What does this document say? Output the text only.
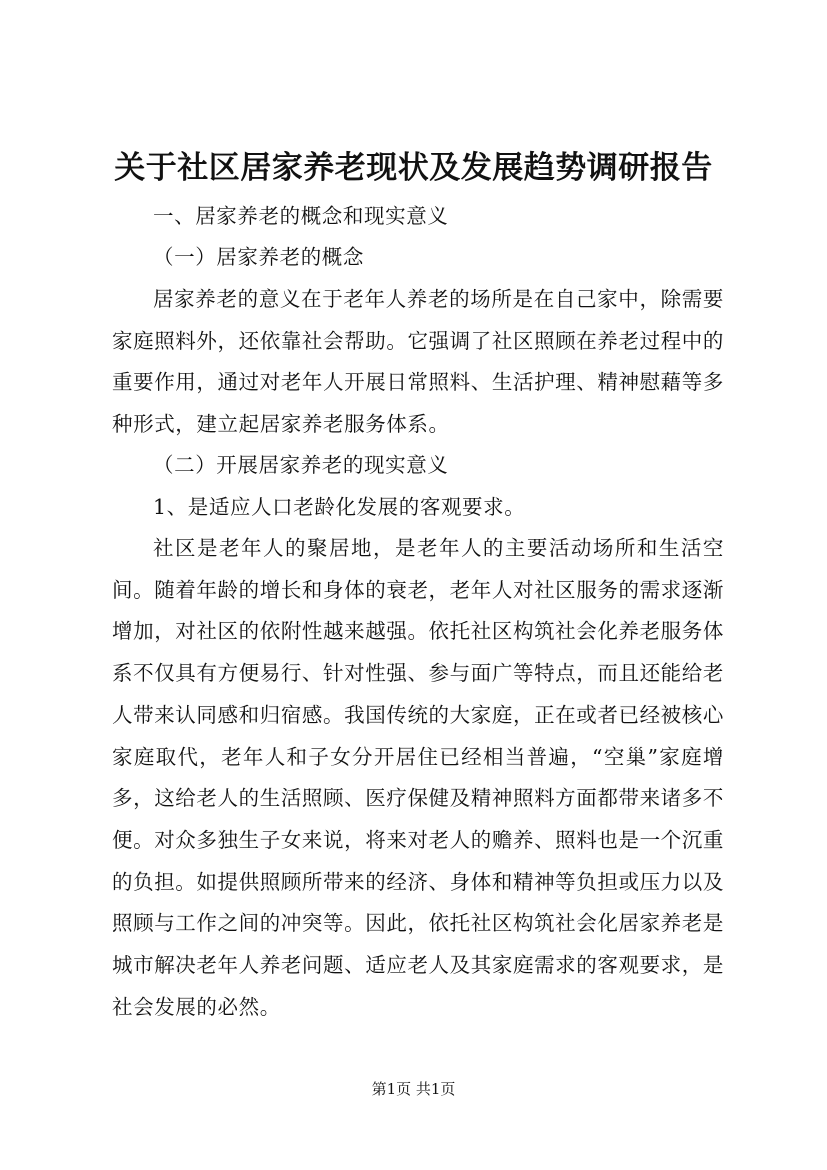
关于社区居家养老现状及发展趋势调研报告
一、居家养老的概念和现实意义
（一）居家养老的概念
居家养老的意义在于老年人养老的场所是在自己家中，除需要家庭照料外，还依靠社会帮助。它强调了社区照顾在养老过程中的重要作用，通过对老年人开展日常照料、生活护理、精神慰藉等多种形式，建立起居家养老服务体系。
（二）开展居家养老的现实意义
1、是适应人口老龄化发展的客观要求。
社区是老年人的聚居地，是老年人的主要活动场所和生活空间。随着年龄的增长和身体的衰老，老年人对社区服务的需求逐渐增加，对社区的依附性越来越强。依托社区构筑社会化养老服务体系不仅具有方便易行、针对性强、参与面广等特点，而且还能给老人带来认同感和归宿感。我国传统的大家庭，正在或者已经被核心家庭取代，老年人和子女分开居住已经相当普遍，“空巢”家庭增多，这给老人的生活照顾、医疗保健及精神照料方面都带来诸多不便。对众多独生子女来说，将来对老人的赡养、照料也是一个沉重的负担。如提供照顾所带来的经济、身体和精神等负担或压力以及照顾与工作之间的冲突等。因此，依托社区构筑社会化居家养老是城市解决老年人养老问题、适应老人及其家庭需求的客观要求，是社会发展的必然。
第1页 共1页
